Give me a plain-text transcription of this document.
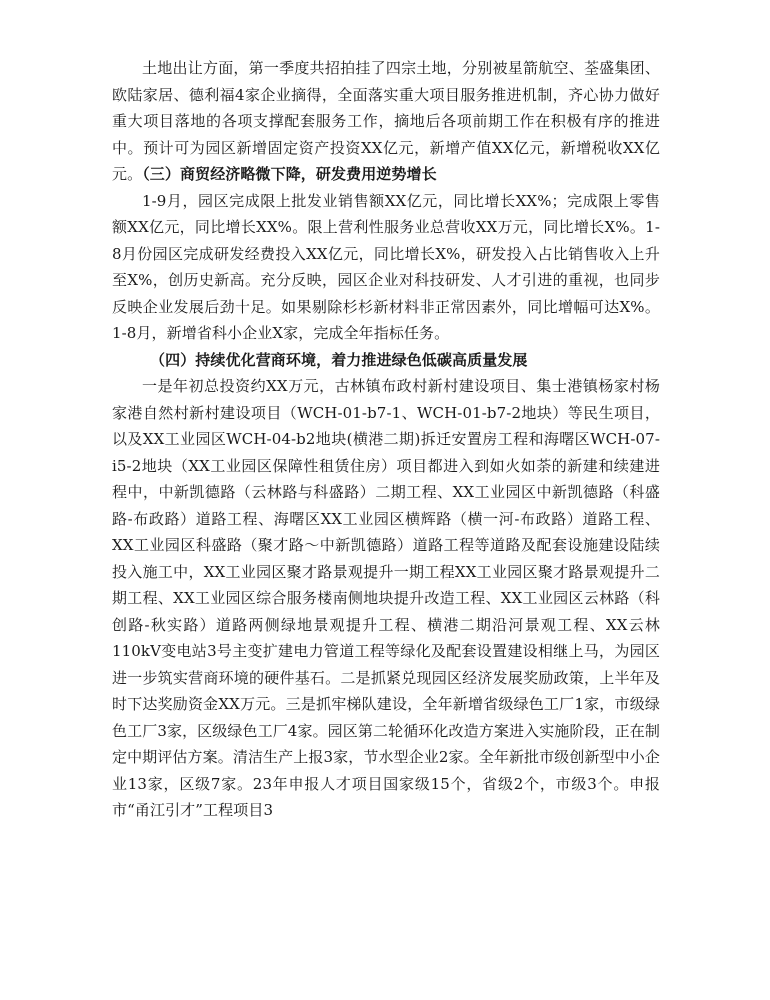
土地出让方面，第一季度共招拍挂了四宗土地，分别被星箭航空、荃盛集团、欧陆家居、德利福4家企业摘得，全面落实重大项目服务推进机制，齐心协力做好重大项目落地的各项支撑配套服务工作，摘地后各项前期工作在积极有序的推进中。预计可为园区新增固定资产投资XX亿元，新增产值XX亿元，新增税收XX亿元。（三）商贸经济略微下降，研发费用逆势增长

1-9月，园区完成限上批发业销售额XX亿元，同比增长XX%；完成限上零售额XX亿元，同比增长XX%。限上营利性服务业总营收XX万元，同比增长X%。1-8月份园区完成研发经费投入XX亿元，同比增长X%，研发投入占比销售收入上升至X%，创历史新高。充分反映，园区企业对科技研发、人才引进的重视，也同步反映企业发展后劲十足。如果剔除杉杉新材料非正常因素外，同比增幅可达X%。1-8月，新增省科小企业X家，完成全年指标任务。

（四）持续优化营商环境，着力推进绿色低碳高质量发展

一是年初总投资约XX万元，古林镇布政村新村建设项目、集士港镇杨家村杨家港自然村新村建设项目（WCH-01-b7-1、WCH-01-b7-2地块）等民生项目，以及XX工业园区WCH-04-b2地块(横港二期)拆迁安置房工程和海曙区WCH-07-i5-2地块（XX工业园区保障性租赁住房）项目都进入到如火如荼的新建和续建进程中，中新凯德路（云林路与科盛路）二期工程、XX工业园区中新凯德路（科盛路-布政路）道路工程、海曙区XX工业园区横辉路（横一河-布政路）道路工程、XX工业园区科盛路（聚才路～中新凯德路）道路工程等道路及配套设施建设陆续投入施工中，XX工业园区聚才路景观提升一期工程XX工业园区聚才路景观提升二期工程、XX工业园区综合服务楼南侧地块提升改造工程、XX工业园区云林路（科创路-秋实路）道路两侧绿地景观提升工程、横港二期沿河景观工程、XX云林110kV变电站3号主变扩建电力管道工程等绿化及配套设置建设相继上马，为园区进一步筑实营商环境的硬件基石。二是抓紧兑现园区经济发展奖励政策，上半年及时下达奖励资金XX万元。三是抓牢梯队建设，全年新增省级绿色工厂1家，市级绿色工厂3家，区级绿色工厂4家。园区第二轮循环化改造方案进入实施阶段，正在制定中期评估方案。清洁生产上报3家，节水型企业2家。全年新批市级创新型中小企业13家，区级7家。23年申报人才项目国家级15个，省级2个，市级3个。申报市“甬江引才”工程项目3
